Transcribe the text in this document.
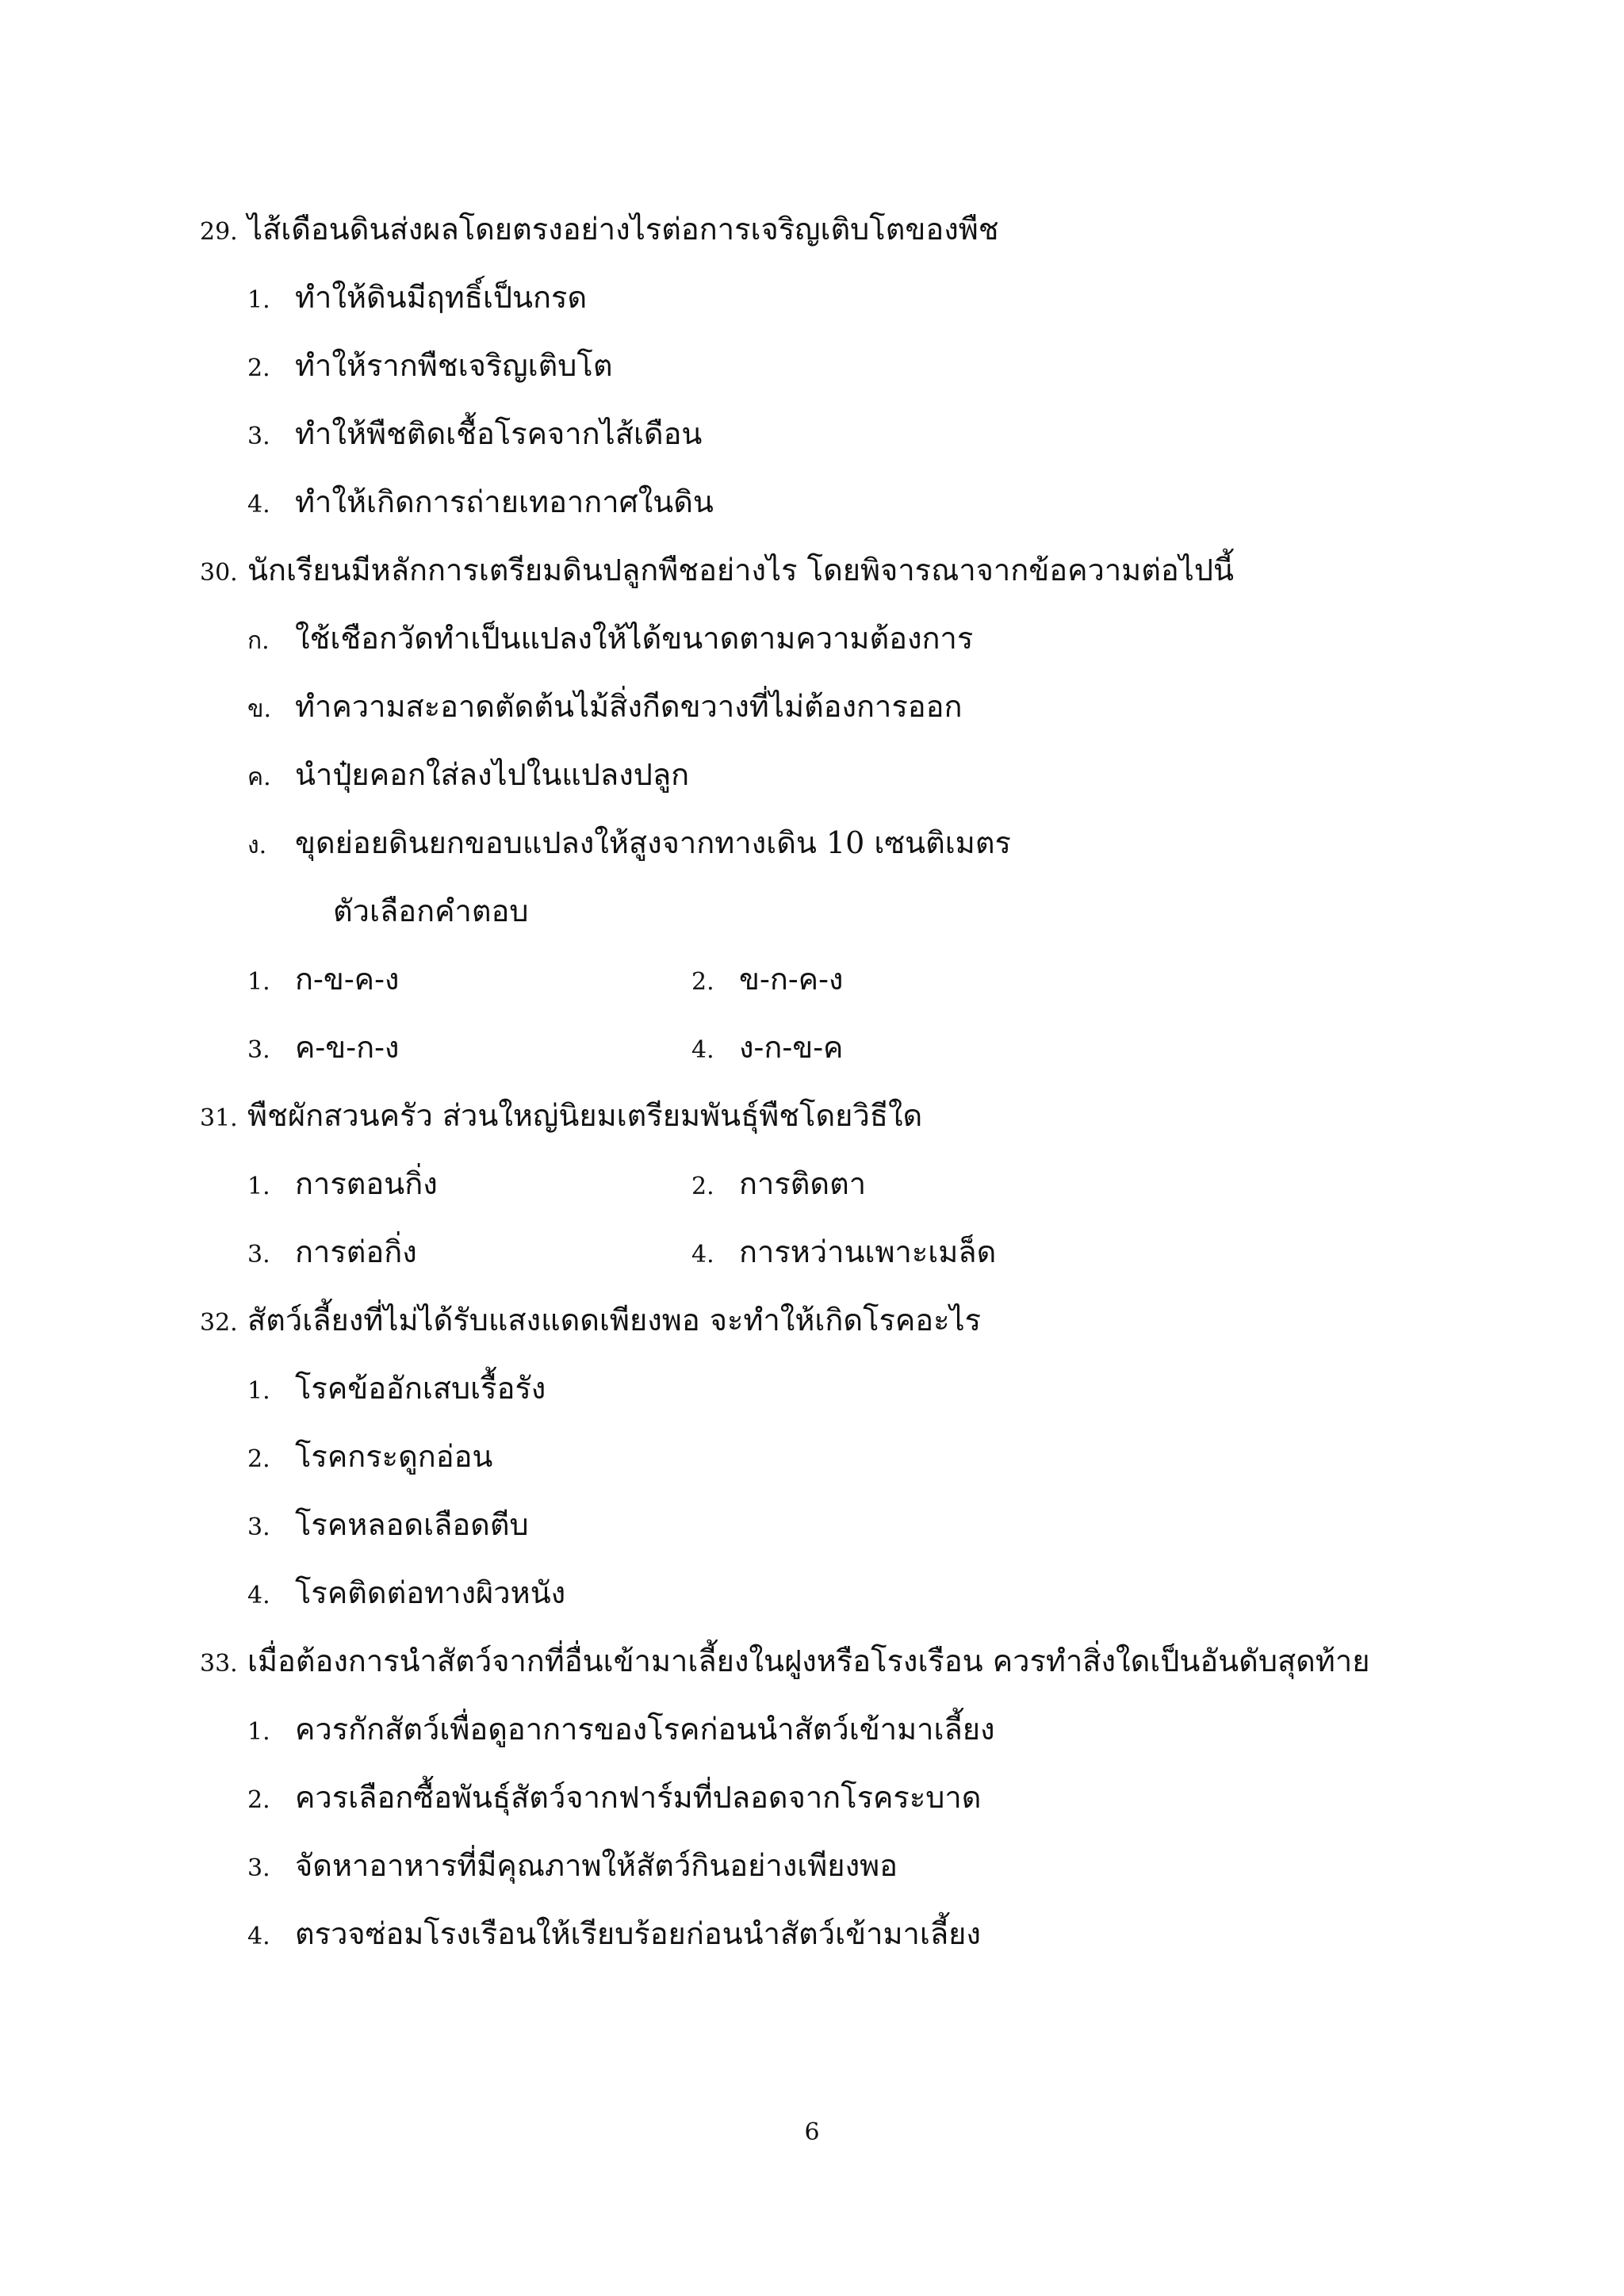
29. ไส้เดือนดินส่งผลโดยตรงอย่างไรต่อการเจริญเติบโตของพืช
1. ทำให้ดินมีฤทธิ์เป็นกรด
2. ทำให้รากพืชเจริญเติบโต
3. ทำให้พืชติดเชื้อโรคจากไส้เดือน
4. ทำให้เกิดการถ่ายเทอากาศในดิน
30. นักเรียนมีหลักการเตรียมดินปลูกพืชอย่างไร โดยพิจารณาจากข้อความต่อไปนี้
ก. ใช้เชือกวัดทำเป็นแปลงให้ได้ขนาดตามความต้องการ
ข. ทำความสะอาดตัดต้นไม้สิ่งกีดขวางที่ไม่ต้องการออก
ค. นำปุ๋ยคอกใส่ลงไปในแปลงปลูก
ง. ขุดย่อยดินยกขอบแปลงให้สูงจากทางเดิน 10 เซนติเมตร
ตัวเลือกคำตอบ
1. ก-ข-ค-ง	2. ข-ก-ค-ง
3. ค-ข-ก-ง	4. ง-ก-ข-ค
31. พืชผักสวนครัว ส่วนใหญ่นิยมเตรียมพันธุ์พืชโดยวิธีใด
1. การตอนกิ่ง	2. การติดตา
3. การต่อกิ่ง	4. การหว่านเพาะเมล็ด
32. สัตว์เลี้ยงที่ไม่ได้รับแสงแดดเพียงพอ จะทำให้เกิดโรคอะไร
1. โรคข้ออักเสบเรื้อรัง
2. โรคกระดูกอ่อน
3. โรคหลอดเลือดตีบ
4. โรคติดต่อทางผิวหนัง
33. เมื่อต้องการนำสัตว์จากที่อื่นเข้ามาเลี้ยงในฝูงหรือโรงเรือน ควรทำสิ่งใดเป็นอันดับสุดท้าย
1. ควรกักสัตว์เพื่อดูอาการของโรคก่อนนำสัตว์เข้ามาเลี้ยง
2. ควรเลือกซื้อพันธุ์สัตว์จากฟาร์มที่ปลอดจากโรคระบาด
3. จัดหาอาหารที่มีคุณภาพให้สัตว์กินอย่างเพียงพอ
4. ตรวจซ่อมโรงเรือนให้เรียบร้อยก่อนนำสัตว์เข้ามาเลี้ยง
6
